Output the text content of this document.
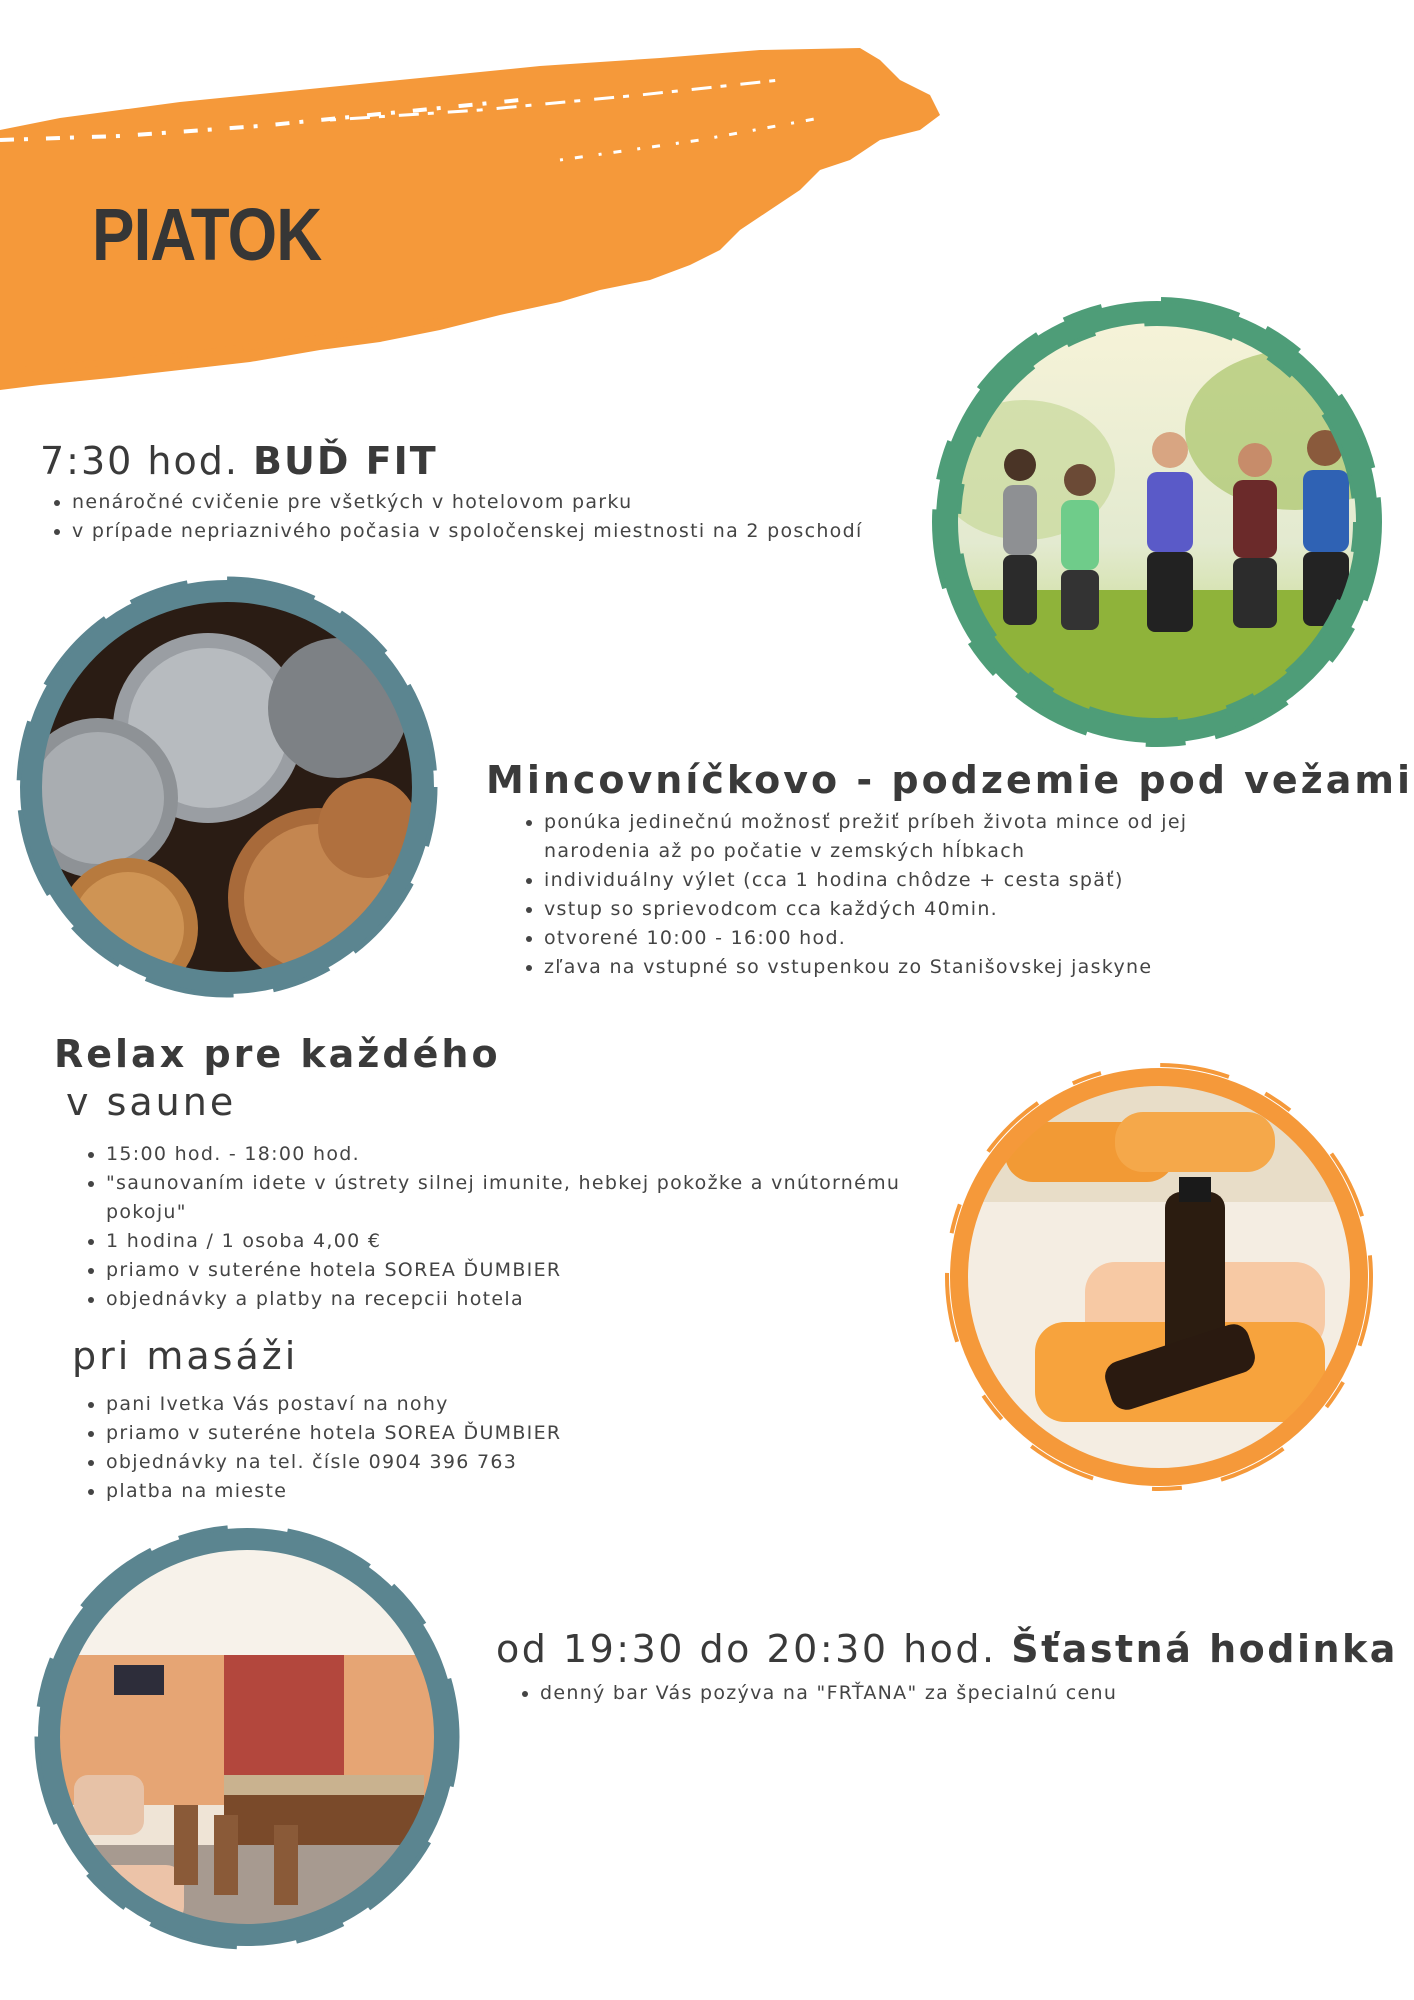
PIATOK
7:30 hod. BUĎ FIT
• nenáročné cvičenie pre všetkých v hotelovom parku
• v prípade nepriaznivého počasia v spoločenskej miestnosti na 2 poschodí
Mincovníčkovo - podzemie pod vežami
• ponúka jedinečnú možnosť prežiť príbeh života mince od jej narodenia až po počatie v zemských hĺbkach
• individuálny výlet (cca 1 hodina chôdze + cesta späť)
• vstup so sprievodcom cca každých 40min.
• otvorené 10:00 - 16:00 hod.
• zľava na vstupné so vstupenkou zo Stanišovskej jaskyne
Relax pre každého
v saune
• 15:00 hod. - 18:00 hod.
• "saunovaním idete v ústrety silnej imunite, hebkej pokožke a vnútornému pokoju"
• 1 hodina / 1 osoba 4,00 €
• priamo v suteréne hotela SOREA ĎUMBIER
• objednávky a platby na recepcii hotela
pri masáži
• pani Ivetka Vás postaví na nohy
• priamo v suteréne hotela SOREA ĎUMBIER
• objednávky na tel. čísle 0904 396 763
• platba na mieste
od 19:30 do 20:30 hod. Šťastná hodinka
• denný bar Vás pozýva na "FRŤANA" za špecialnú cenu
